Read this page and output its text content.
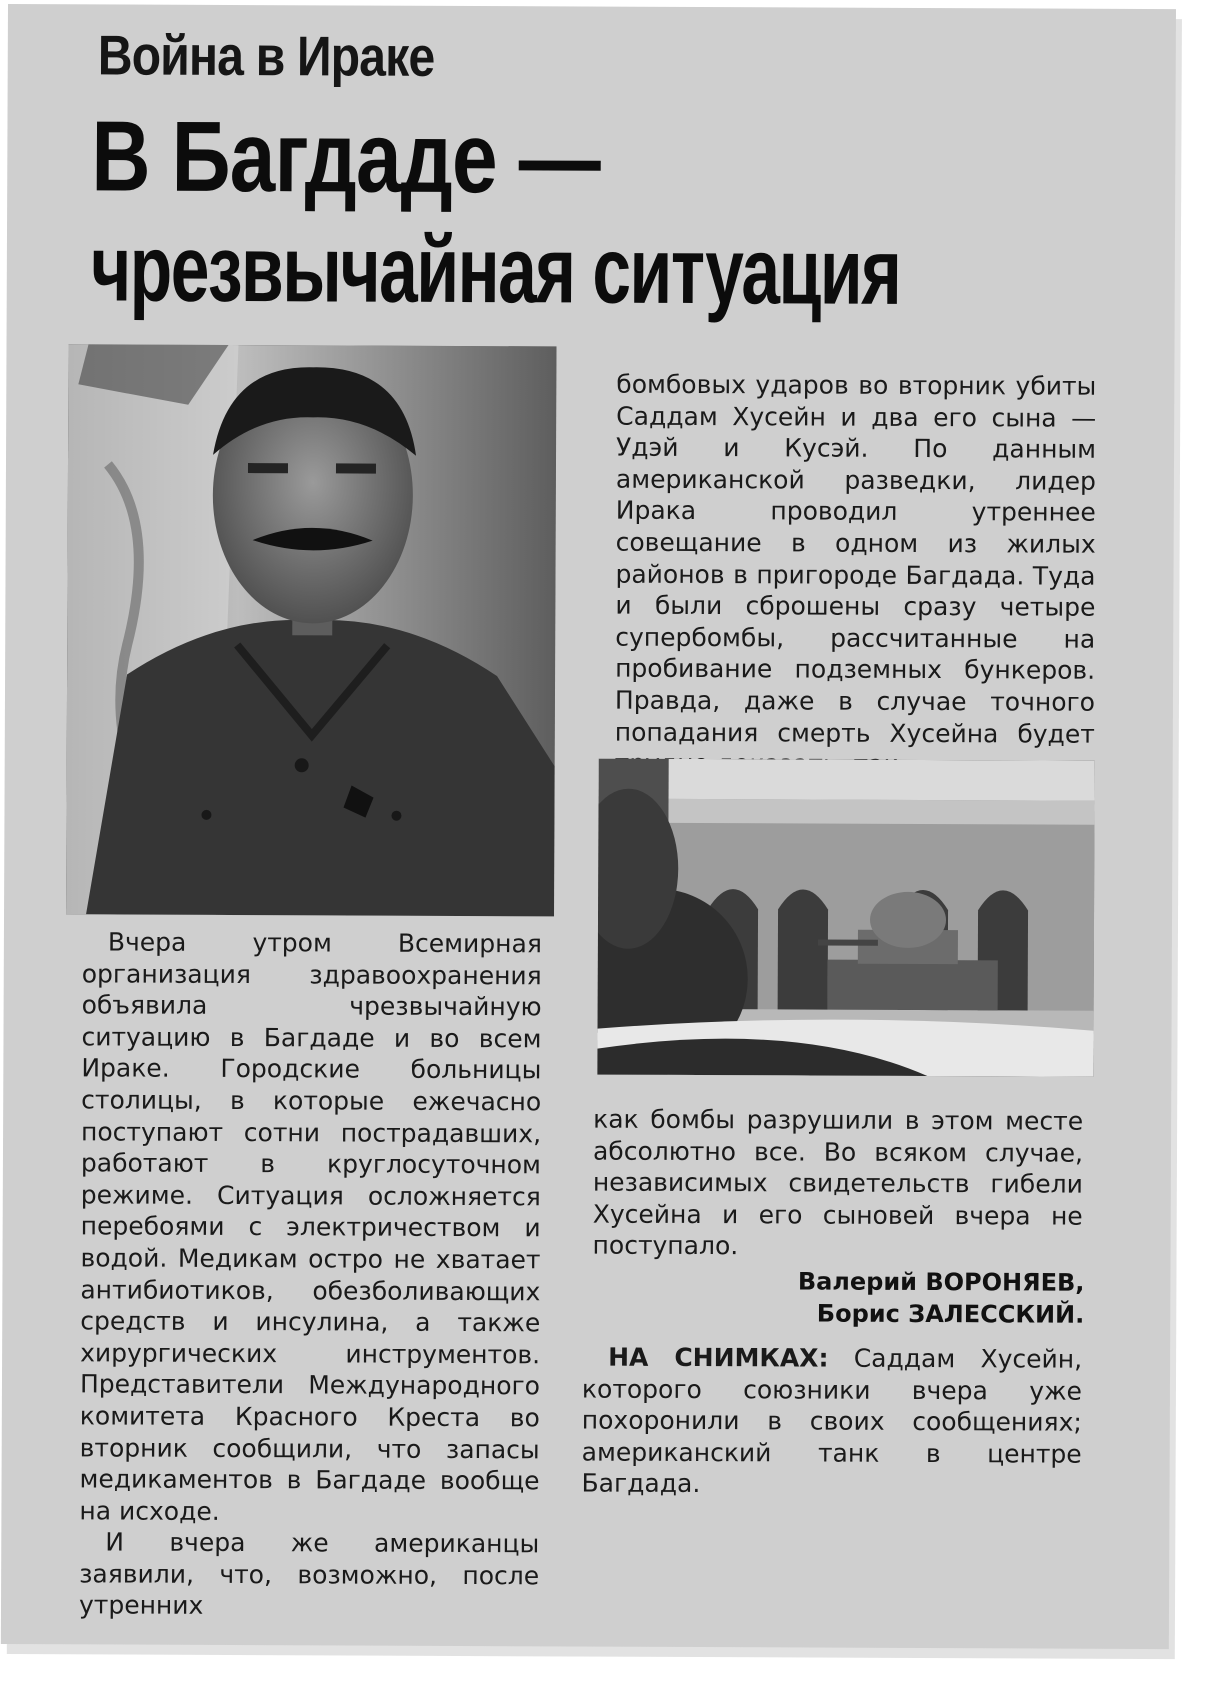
Война в Ираке
В Багдаде —
чрезвычайная ситуация
бомбовых ударов во вторник убиты Саддам Хусейн и два его сына — Удэй и Кусэй. По данным американской разведки, лидер Ирака проводил утреннее совещание в одном из жилых районов в пригороде Багдада. Туда и были сброшены сразу четыре супербомбы, рассчитанные на пробивание подземных бункеров. Правда, даже в случае точного попадания смерть Хусейна будет

Вчера утром Всемирная организация здравоохранения объявила чрезвычайную ситуацию в Багдаде и во всем Ираке. Городские больницы столицы, в которые ежечасно поступают сотни пострадавших, работают в круглосуточном режиме. Ситуация осложняется перебоями с электричеством и водой. Медикам остро не хватает антибиотиков, обезболивающих средств и инсулина, а также хирургических инструментов. Представители Международного комитета Красного Креста во вторник сообщили, что запасы медикаментов в Багдаде вообще на исходе.

И вчера же американцы заявили, что, возможно, после утренних

как бомбы разрушили в этом месте абсолютно все. Во всяком случае, независимых свидетельств гибели Хусейна и его сыновей вчера не поступало.
Валерий ВОРОНЯЕВ,
Борис ЗАЛЕССКИЙ.

НА СНИМКАХ: Саддам Хусейн, которого союзники вчера уже похоронили в своих сообщениях; американский танк в центре Багдада.
